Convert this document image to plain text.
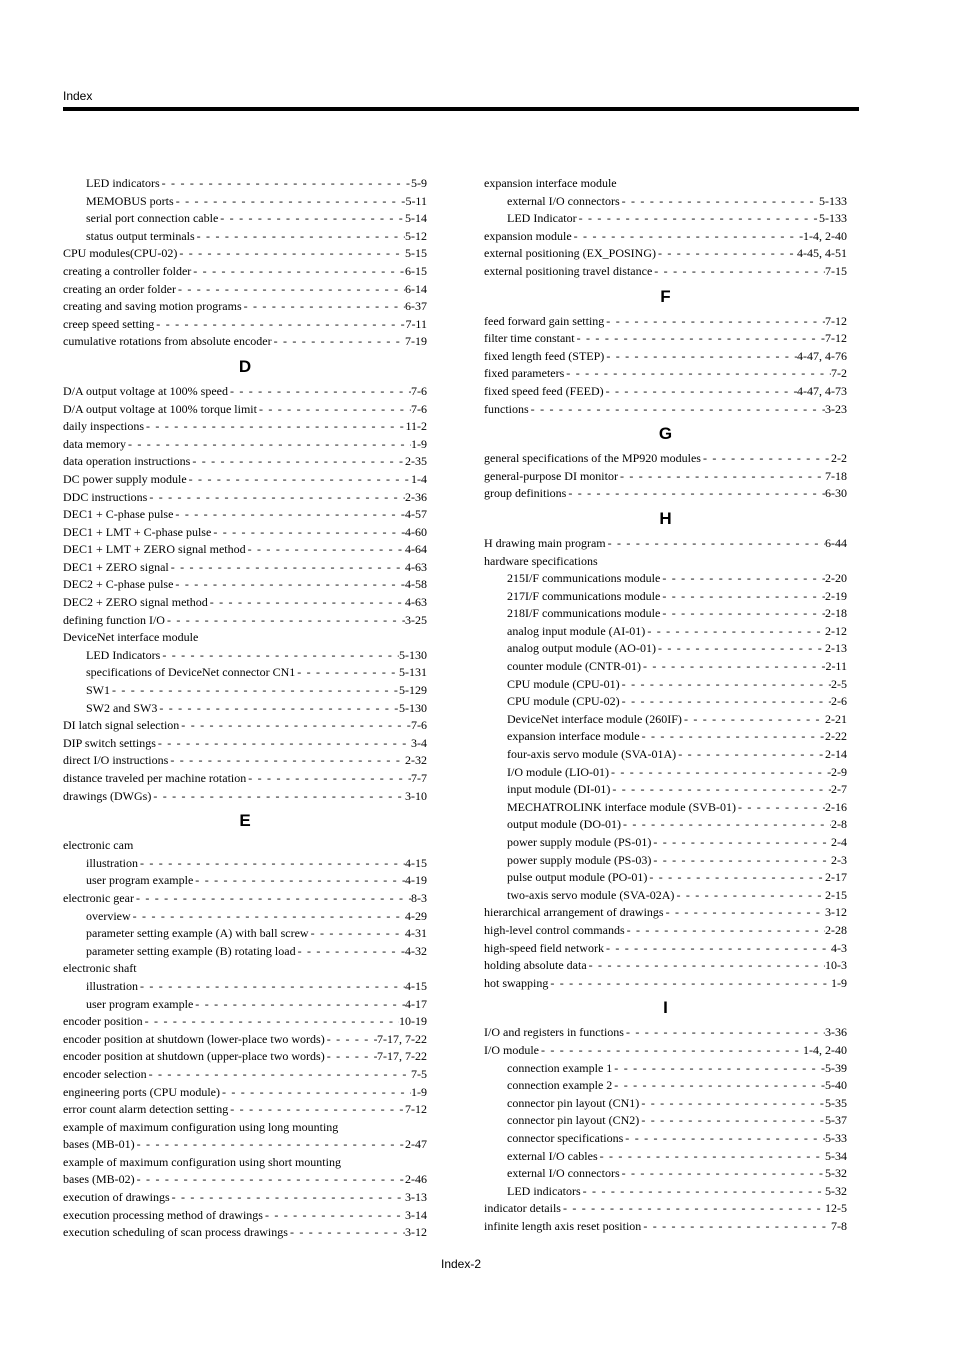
Index
LED indicators - - -	5-9
MEMOBUS ports - - -	5-11
serial port connection cable - - -	5-14
status output terminals - - -	5-12
CPU modules(CPU-02) - - -	5-15
creating a controller folder - - -	6-15
creating an order folder - - -	6-14
creating and saving motion programs - - -	6-37
creep speed setting - - -	7-11
cumulative rotations from absolute encoder - - -	7-19
D
D/A output voltage at 100% speed - - -	7-6
D/A output voltage at 100% torque limit - - -	7-6
daily inspections - - -	11-2
data memory - - -	1-9
data operation instructions - - -	2-35
DC power supply module - - -	1-4
DDC instructions - - -	2-36
DEC1 + C-phase pulse - - -	4-57
DEC1 + LMT + C-phase pulse - - -	4-60
DEC1 + LMT + ZERO signal method - - -	4-64
DEC1 + ZERO signal - - -	4-63
DEC2 + C-phase pulse - - -	4-58
DEC2 + ZERO signal method - - -	4-63
defining function I/O - - -	3-25
DeviceNet interface module
LED Indicators - - -	5-130
specifications of DeviceNet connector CN1 - - -	5-131
SW1 - - -	5-129
SW2 and SW3 - - -	5-130
DI latch signal selection - - -	7-6
DIP switch settings - - -	3-4
direct I/O instructions - - -	2-32
distance traveled per machine rotation - - -	7-7
drawings (DWGs) - - -	3-10
E
electronic cam
illustration - - -	4-15
user program example - - -	4-19
electronic gear - - -	8-3
overview - - -	4-29
parameter setting example (A) with ball screw - - -	4-31
parameter setting example (B) rotating load - - -	4-32
electronic shaft
illustration - - -	4-15
user program example - - -	4-17
encoder position - - -	10-19
encoder position at shutdown (lower-place two words) - - -	7-17, 7-22
encoder position at shutdown (upper-place two words) - - -	7-17, 7-22
encoder selection - - -	7-5
engineering ports (CPU module) - - -	1-9
error count alarm detection setting - - -	7-12
example of maximum configuration using long mounting
bases (MB-01) - - -	2-47
example of maximum configuration using short mounting
bases (MB-02) - - -	2-46
execution of drawings - - -	3-13
execution processing method of drawings - - -	3-14
execution scheduling of scan process drawings - - -	3-12
expansion interface module
external I/O connectors - - -	5-133
LED Indicator - - -	5-133
expansion module - - -	1-4, 2-40
external positioning (EX_POSING) - - -	4-45, 4-51
external positioning travel distance - - -	7-15
F
feed forward gain setting - - -	7-12
filter time constant - - -	7-12
fixed length feed (STEP) - - -	4-47, 4-76
fixed parameters - - -	7-2
fixed speed feed (FEED) - - -	4-47, 4-73
functions - - -	3-23
G
general specifications of the MP920 modules - - -	2-2
general-purpose DI monitor - - -	7-18
group definitions - - -	6-30
H
H drawing main program - - -	6-44
hardware specifications
215I/F communications module - - -	2-20
217I/F communications module - - -	2-19
218I/F communications module - - -	2-18
analog input module (AI-01) - - -	2-12
analog output module (AO-01) - - -	2-13
counter module (CNTR-01) - - -	2-11
CPU module (CPU-01) - - -	2-5
CPU module (CPU-02) - - -	2-6
DeviceNet interface module (260IF) - - -	2-21
expansion interface module - - -	2-22
four-axis servo module (SVA-01A) - - -	2-14
I/O module (LIO-01) - - -	2-9
input module (DI-01) - - -	2-7
MECHATROLINK interface module (SVB-01) - - -	2-16
output module (DO-01) - - -	2-8
power supply module (PS-01) - - -	2-4
power supply module (PS-03) - - -	2-3
pulse output module (PO-01) - - -	2-17
two-axis servo module (SVA-02A) - - -	2-15
hierarchical arrangement of drawings - - -	3-12
high-level control commands - - -	2-28
high-speed field network - - -	4-3
holding absolute data - - -	10-3
hot swapping - - -	1-9
I
I/O and registers in functions - - -	3-36
I/O module - - -	1-4, 2-40
connection example 1 - - -	5-39
connection example 2 - - -	5-40
connector pin layout (CN1) - - -	5-35
connector pin layout (CN2) - - -	5-37
connector specifications - - -	5-33
external I/O cables - - -	5-34
external I/O connectors - - -	5-32
LED indicators - - -	5-32
indicator details - - -	12-5
infinite length axis reset position - - -	7-8
Index-2
